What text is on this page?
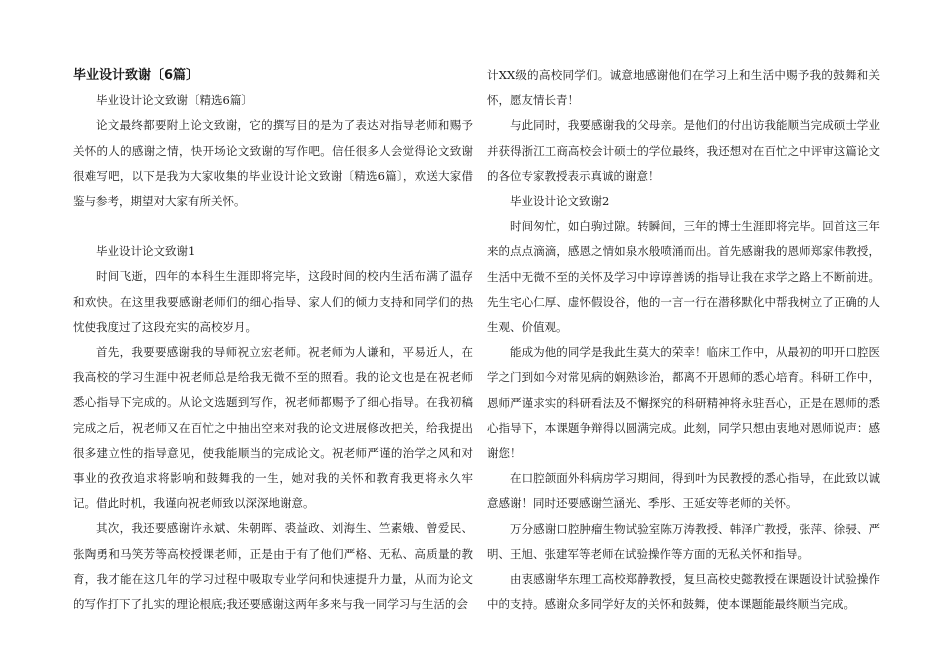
毕业设计致谢〔6篇〕

毕业设计论文致谢〔精选6篇〕

论文最终都要附上论文致谢，它的撰写目的是为了表达对指导老师和赐予关怀的人的感谢之情，快开场论文致谢的写作吧。信任很多人会觉得论文致谢很难写吧，以下是我为大家收集的毕业设计论文致谢〔精选6篇〕，欢送大家借鉴与参考，期望对大家有所关怀。

毕业设计论文致谢1

时间飞逝，四年的本科生生涯即将完毕，这段时间的校内生活布满了温存和欢快。在这里我要感谢老师们的细心指导、家人们的倾力支持和同学们的热忱使我度过了这段充实的高校岁月。

首先，我要要感谢我的导师祝立宏老师。祝老师为人谦和，平易近人，在我高校的学习生涯中祝老师总是给我无微不至的照看。我的论文也是在祝老师悉心指导下完成的。从论文选题到写作，祝老师都赐予了细心指导。在我初稿完成之后，祝老师又在百忙之中抽出空来对我的论文进展修改把关，给我提出很多建立性的指导意见，使我能顺当的完成论文。祝老师严谨的治学之风和对事业的孜孜追求将影响和鼓舞我的一生，她对我的关怀和教育我更将永久牢记。借此时机，我谨向祝老师致以深深地谢意。

其次，我还要感谢许永斌、朱朝晖、裘益政、刘海生、竺素娥、曾爱民、张陶勇和马笑芳等高校授课老师，正是由于有了他们严格、无私、高质量的教育，我才能在这几年的学习过程中吸取专业学问和快速提升力量，从而为论文的写作打下了扎实的理论根底;我还要感谢这两年多来与我一同学习与生活的会

计XX级的高校同学们。诚意地感谢他们在学习上和生活中赐予我的鼓舞和关怀，愿友情长青！

与此同时，我要感谢我的父母亲。是他们的付出访我能顺当完成硕士学业并获得浙江工商高校会计硕士的学位最终，我还想对在百忙之中评审这篇论文的各位专家教授表示真诚的谢意！

毕业设计论文致谢2

时间匆忙，如白驹过隙。转瞬间，三年的博士生涯即将完毕。回首这三年来的点点滴滴，感恩之情如泉水般喷涌而出。首先感谢我的恩师郑家伟教授，生活中无微不至的关怀及学习中谆谆善诱的指导让我在求学之路上不断前进。先生宅心仁厚、虚怀假设谷，他的一言一行在潜移默化中帮我树立了正确的人生观、价值观。

能成为他的同学是我此生莫大的荣幸！临床工作中，从最初的叩开口腔医学之门到如今对常见病的娴熟诊治，都离不开恩师的悉心培育。科研工作中，恩师严谨求实的科研看法及不懈探究的科研精神将永驻吾心，正是在恩师的悉心指导下，本课题争辩得以圆满完成。此刻，同学只想由衷地对恩师说声：感谢您！

在口腔颌面外科病房学习期间，得到叶为民教授的悉心指导，在此致以诚意感谢！同时还要感谢竺涵光、季彤、王延安等老师的关怀。

万分感谢口腔肿瘤生物试验室陈万涛教授、韩泽广教授，张萍、徐骎、严明、王旭、张建军等老师在试验操作等方面的无私关怀和指导。

由衷感谢华东理工高校郑静教授，复旦高校史懿教授在课题设计试验操作中的支持。感谢众多同学好友的关怀和鼓舞，使本课题能最终顺当完成。
